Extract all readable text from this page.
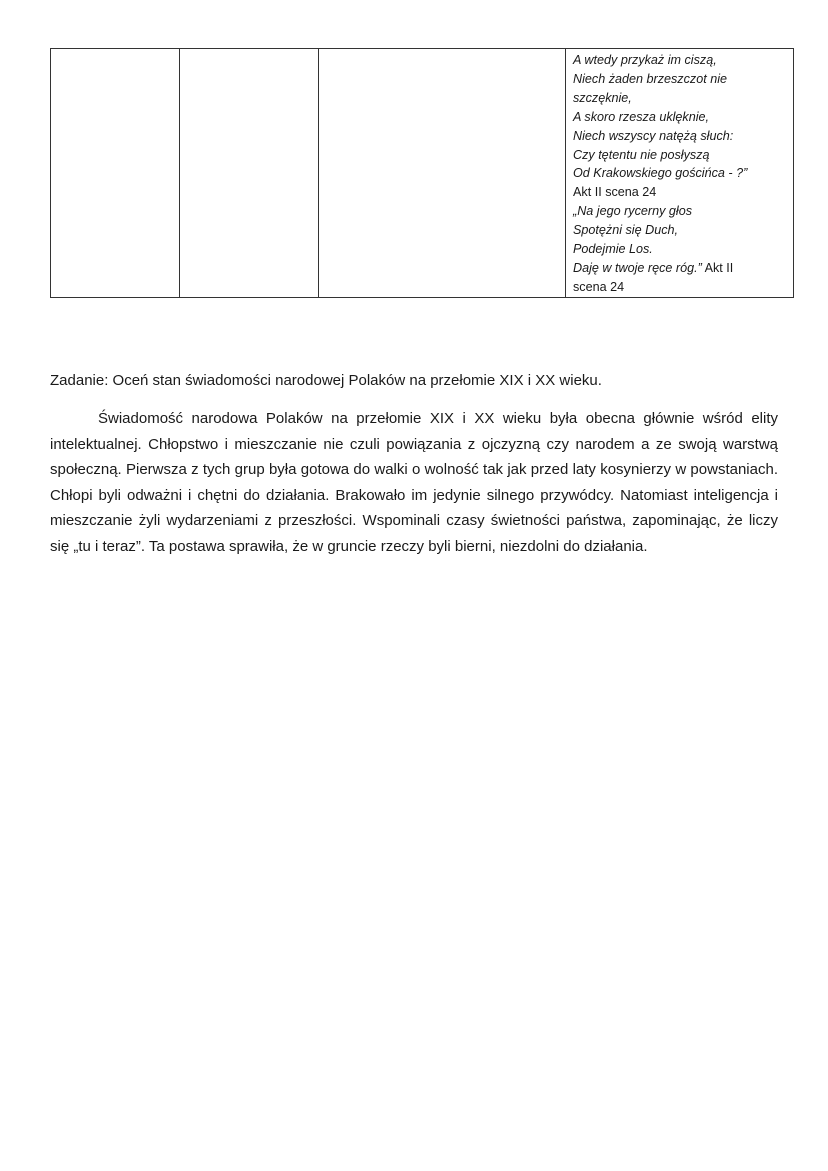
A wtedy przykaż im ciszą,
Niech żaden brzeszczot nie
szczęknie,
A skoro rzesza uklęknie,
Niech wszyscy natężą słuch:
Czy tętentu nie posłyszą
Od Krakowskiego gościńca - ?”
Akt II scena 24
„Na jego rycerny głos
Spotężni się Duch,
Podejmie Los.
Daję w twoje ręce róg.” Akt II
scena 24

Zadanie: Oceń stan świadomości narodowej Polaków na przełomie XIX i XX wieku.

Świadomość narodowa Polaków na przełomie XIX i XX wieku była obecna głównie wśród elity intelektualnej. Chłopstwo i mieszczanie nie czuli powiązania z ojczyzną czy narodem a ze swoją warstwą społeczną. Pierwsza z tych grup była gotowa do walki o wolność tak jak przed laty kosynierzy w powstaniach. Chłopi byli odważni i chętni do działania. Brakowało im jedynie silnego przywódcy. Natomiast inteligencja i mieszczanie żyli wydarzeniami z przeszłości. Wspominali czasy świetności państwa, zapominając, że liczy się „tu i teraz”. Ta postawa sprawiła, że w gruncie rzeczy byli bierni, niezdolni do działania.
